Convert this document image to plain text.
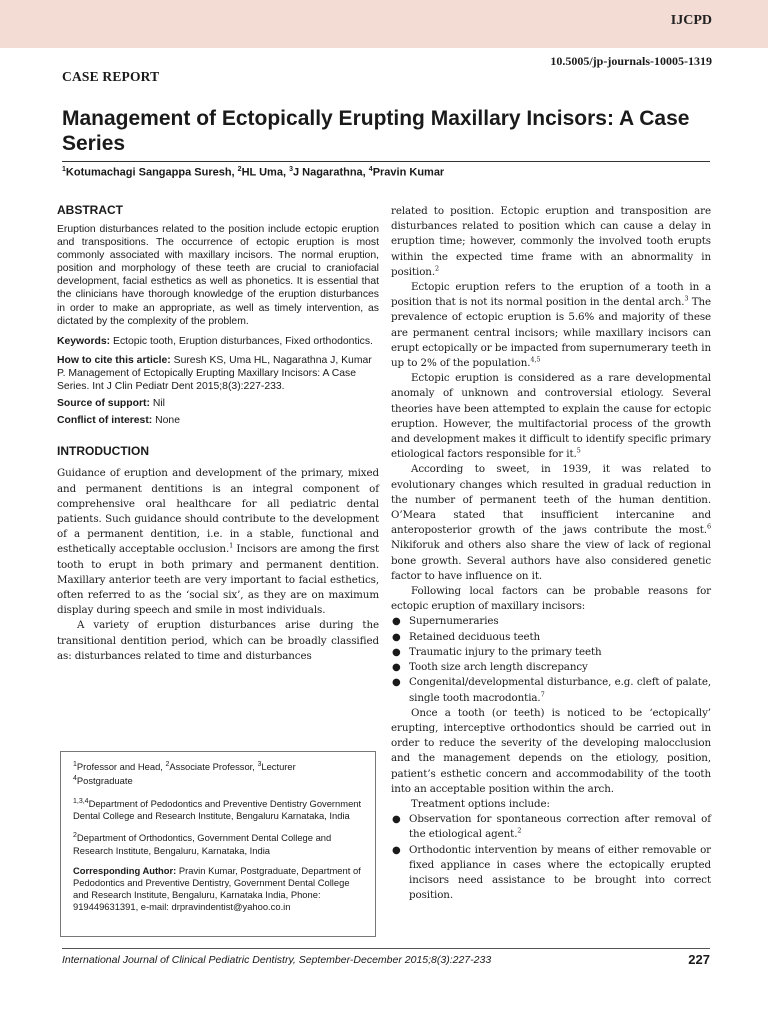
IJCPD
10.5005/jp-journals-10005-1319
CASE REPORT
Management of Ectopically Erupting Maxillary Incisors: A Case Series
$^1$Kotumachagi Sangappa Suresh, $^2$HL Uma, $^3$J Nagarathna, $^4$Pravin Kumar
ABSTRACT

Eruption disturbances related to the position include ectopic eruption and transpositions. The occurrence of ectopic eruption is most commonly associated with maxillary incisors. The normal eruption, position and morphology of these teeth are crucial to craniofacial development, facial esthetics as well as phonetics. It is essential that the clinicians have thorough knowledge of the eruption disturbances in order to make an appropriate, as well as timely intervention, as dictated by the complexity of the problem.

Keywords: Ectopic tooth, Eruption disturbances, Fixed orthodontics.

How to cite this article: Suresh KS, Uma HL, Nagarathna J, Kumar P. Management of Ectopically Erupting Maxillary Incisors: A Case Series. Int J Clin Pediatr Dent 2015;8(3):227-233.

Source of support: Nil

Conflict of interest: None

INTRODUCTION

Guidance of eruption and development of the primary, mixed and permanent dentitions is an integral component of comprehensive oral healthcare for all pediatric dental patients. Such guidance should contribute to the development of a permanent dentition, i.e. in a stable, functional and esthetically acceptable occlusion.$^1$ Incisors are among the first tooth to erupt in both primary and permanent dentition. Maxillary anterior teeth are very important to facial esthetics, often referred to as the ‘social six’, as they are on maximum display during speech and smile in most individuals.

A variety of eruption disturbances arise during the transitional dentition period, which can be broadly classified as: disturbances related to time and disturbances

$^1$Professor and Head, $^2$Associate Professor, $^3$Lecturer
$^4$Postgraduate

$^{1,3,4}$Department of Pedodontics and Preventive Dentistry Government Dental College and Research Institute, Bengaluru Karnataka, India

$^2$Department of Orthodontics, Government Dental College and Research Institute, Bengaluru, Karnataka, India

Corresponding Author: Pravin Kumar, Postgraduate, Department of Pedodontics and Preventive Dentistry, Government Dental College and Research Institute, Bengaluru, Karnataka India, Phone: 919449631391, e-mail: drpravindentist@yahoo.co.in

related to position. Ectopic eruption and transposition are disturbances related to position which can cause a delay in eruption time; however, commonly the involved tooth erupts within the expected time frame with an abnormality in position.$^2$

Ectopic eruption refers to the eruption of a tooth in a position that is not its normal position in the dental arch.$^3$ The prevalence of ectopic eruption is 5.6% and majority of these are permanent central incisors; while maxillary incisors can erupt ectopically or be impacted from supernumerary teeth in up to 2% of the population.$^{4,5}$

Ectopic eruption is considered as a rare developmental anomaly of unknown and controversial etiology. Several theories have been attempted to explain the cause for ectopic eruption. However, the multifactorial process of the growth and development makes it difficult to identify specific primary etiological factors responsible for it.$^5$

According to sweet, in 1939, it was related to evolutionary changes which resulted in gradual reduction in the number of permanent teeth of the human dentition. O’Meara stated that insufficient intercanine and anteroposterior growth of the jaws contribute the most.$^6$ Nikiforuk and others also share the view of lack of regional bone growth. Several authors have also considered genetic factor to have influence on it.

Following local factors can be probable reasons for ectopic eruption of maxillary incisors:

● Supernumeraries
● Retained deciduous teeth
● Traumatic injury to the primary teeth
● Tooth size arch length discrepancy
● Congenital/developmental disturbance, e.g. cleft of palate, single tooth macrodontia.$^7$

Once a tooth (or teeth) is noticed to be ‘ectopically’ erupting, interceptive orthodontics should be carried out in order to reduce the severity of the developing malocclusion and the management depends on the etiology, position, patient’s esthetic concern and accommodability of the tooth into an acceptable position within the arch.

Treatment options include:

● Observation for spontaneous correction after removal of the etiological agent.$^2$
● Orthodontic intervention by means of either removable or fixed appliance in cases where the ectopically erupted incisors need assistance to be brought into correct position.
International Journal of Clinical Pediatric Dentistry, September-December 2015;8(3):227-233	227
